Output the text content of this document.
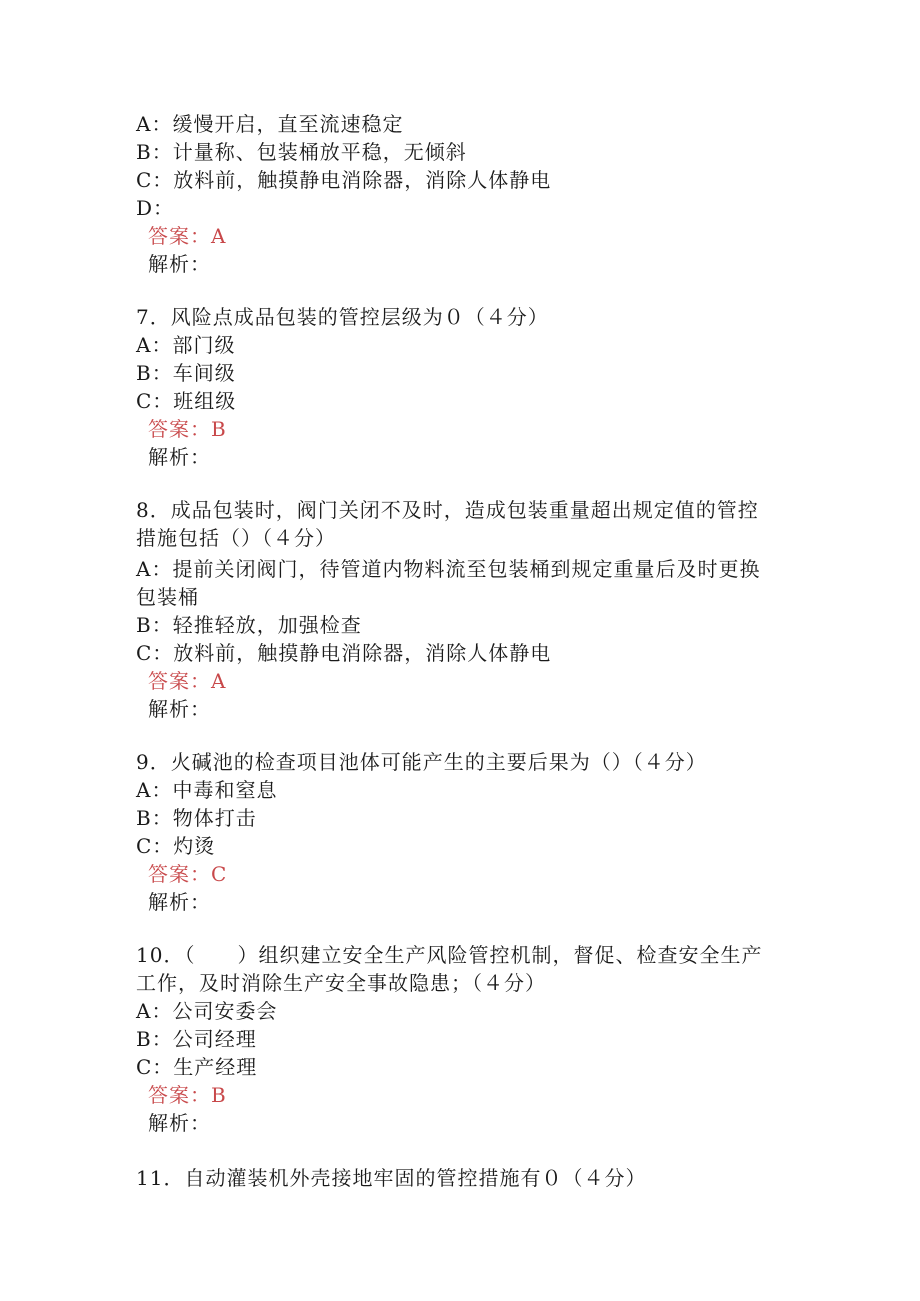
A：缓慢开启，直至流速稳定
B：计量称、包装桶放平稳，无倾斜
C：放料前，触摸静电消除器，消除人体静电
D：
答案：A
解析：
7．风险点成品包装的管控层级为０（４分）
A：部门级
B：车间级
C：班组级
答案：B
解析：
8．成品包装时，阀门关闭不及时，造成包装重量超出规定值的管控
措施包括（）（４分）
A：提前关闭阀门，待管道内物料流至包装桶到规定重量后及时更换
包装桶
B：轻推轻放，加强检查
C：放料前，触摸静电消除器，消除人体静电
答案：A
解析：
9．火碱池的检查项目池体可能产生的主要后果为（）（４分）
A：中毒和窒息
B：物体打击
C：灼烫
答案：C
解析：
10．（　　）组织建立安全生产风险管控机制，督促、检查安全生产
工作，及时消除生产安全事故隐患；（４分）
A：公司安委会
B：公司经理
C：生产经理
答案：B
解析：
11．自动灌装机外壳接地牢固的管控措施有０（４分）
